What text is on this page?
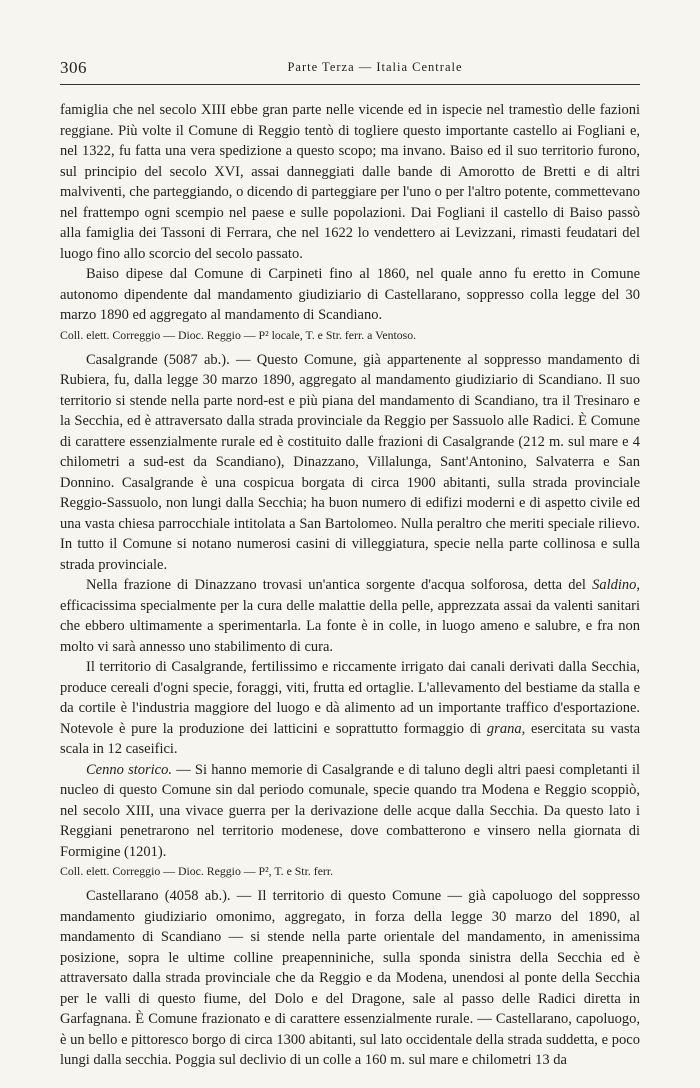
306	Parte Terza — Italia Centrale

famiglia che nel secolo XIII ebbe gran parte nelle vicende ed in ispecie nel tramestìo delle fazioni reggiane. Più volte il Comune di Reggio tentò di togliere questo importante castello ai Fogliani e, nel 1322, fu fatta una vera spedizione a questo scopo; ma invano. Baiso ed il suo territorio furono, sul principio del secolo XVI, assai danneggiati dalle bande di Amorotto de Bretti e di altri malviventi, che parteggiando, o dicendo di parteggiare per l'uno o per l'altro potente, commettevano nel frattempo ogni scempio nel paese e sulle popolazioni. Dai Fogliani il castello di Baiso passò alla famiglia dei Tassoni di Ferrara, che nel 1622 lo vendettero ai Levizzani, rimasti feudatari del luogo fino allo scorcio del secolo passato.

Baiso dipese dal Comune di Carpineti fino al 1860, nel quale anno fu eretto in Comune autonomo dipendente dal mandamento giudiziario di Castellarano, soppresso colla legge del 30 marzo 1890 ed aggregato al mandamento di Scandiano.

Coll. elett. Correggio — Dioc. Reggio — P² locale, T. e Str. ferr. a Ventoso.

Casalgrande (5087 ab.). — Questo Comune, già appartenente al soppresso mandamento di Rubiera, fu, dalla legge 30 marzo 1890, aggregato al mandamento giudiziario di Scandiano. Il suo territorio si stende nella parte nord-est e più piana del mandamento di Scandiano, tra il Tresinaro e la Secchia, ed è attraversato dalla strada provinciale da Reggio per Sassuolo alle Radici. È Comune di carattere essenzialmente rurale ed è costituito dalle frazioni di Casalgrande (212 m. sul mare e 4 chilometri a sud-est da Scandiano), Dinazzano, Villalunga, Sant'Antonino, Salvaterra e San Donnino. Casalgrande è una cospicua borgata di circa 1900 abitanti, sulla strada provinciale Reggio-Sassuolo, non lungi dalla Secchia; ha buon numero di edifizi moderni e di aspetto civile ed una vasta chiesa parrocchiale intitolata a San Bartolomeo. Nulla peraltro che meriti speciale rilievo. In tutto il Comune si notano numerosi casini di villeggiatura, specie nella parte collinosa e sulla strada provinciale.

Nella frazione di Dinazzano trovasi un'antica sorgente d'acqua solforosa, detta del Saldino, efficacissima specialmente per la cura delle malattie della pelle, apprezzata assai da valenti sanitari che ebbero ultimamente a sperimentarla. La fonte è in colle, in luogo ameno e salubre, e fra non molto vi sarà annesso uno stabilimento di cura.

Il territorio di Casalgrande, fertilissimo e riccamente irrigato dai canali derivati dalla Secchia, produce cereali d'ogni specie, foraggi, viti, frutta ed ortaglie. L'allevamento del bestiame da stalla e da cortile è l'industria maggiore del luogo e dà alimento ad un importante traffico d'esportazione. Notevole è pure la produzione dei latticini e soprattutto formaggio di grana, esercitata su vasta scala in 12 caseifici.

Cenno storico. — Si hanno memorie di Casalgrande e di taluno degli altri paesi completanti il nucleo di questo Comune sin dal periodo comunale, specie quando tra Modena e Reggio scoppiò, nel secolo XIII, una vivace guerra per la derivazione delle acque dalla Secchia. Da questo lato i Reggiani penetrarono nel territorio modenese, dove combatterono e vinsero nella giornata di Formigine (1201).

Coll. elett. Correggio — Dioc. Reggio — P², T. e Str. ferr.

Castellarano (4058 ab.). — Il territorio di questo Comune — già capoluogo del soppresso mandamento giudiziario omonimo, aggregato, in forza della legge 30 marzo del 1890, al mandamento di Scandiano — si stende nella parte orientale del mandamento, in amenissima posizione, sopra le ultime colline preapenniniche, sulla sponda sinistra della Secchia ed è attraversato dalla strada provinciale che da Reggio e da Modena, unendosi al ponte della Secchia per le valli di questo fiume, del Dolo e del Dragone, sale al passo delle Radici diretta in Garfagnana. È Comune frazionato e di carattere essenzialmente rurale. — Castellarano, capoluogo, è un bello e pittoresco borgo di circa 1300 abitanti, sul lato occidentale della strada suddetta, e poco lungi dalla secchia. Poggia sul declivio di un colle a 160 m. sul mare e chilometri 13 da
